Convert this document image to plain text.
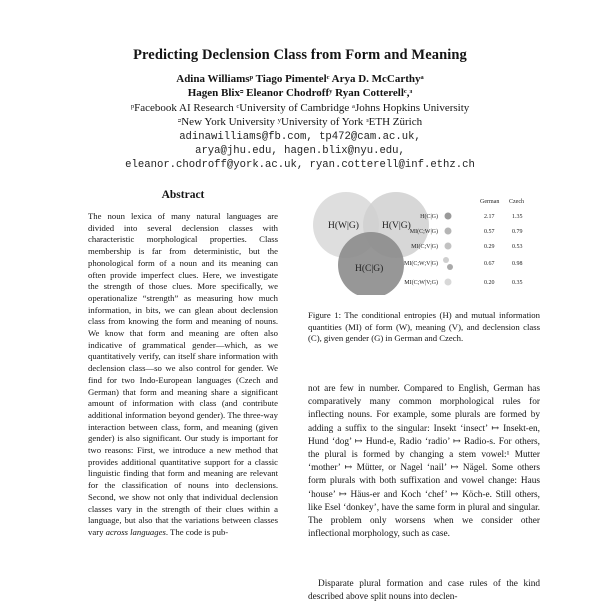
Predicting Declension Class from Form and Meaning
Adina Williamsᵖ Tiago Pimentelᶜ Arya D. McCarthyᵃ
Hagen Blixᵙ Eleanor Chodroffʸ Ryan Cotterellᶜ,ᶟ
ᵖFacebook AI Research ᶜUniversity of Cambridge ᵃJohns Hopkins University
ᵙNew York University ʸUniversity of York ᶟETH Zürich
adinawilliams@fb.com, tp472@cam.ac.uk,
arya@jhu.edu, hagen.blix@nyu.edu,
eleanor.chodroff@york.ac.uk, ryan.cotterell@inf.ethz.ch
Abstract

The noun lexica of many natural languages are divided into several declension classes with characteristic morphological properties. Class membership is far from deterministic, but the phonological form of a noun and its meaning can often provide imperfect clues. Here, we investigate the strength of those clues. More specifically, we operationalize “strength” as measuring how much information, in bits, we can glean about declension class from knowing the form and meaning of nouns. We know that form and meaning are often also indicative of grammatical gender—which, as we quantitatively verify, can itself share information with declension class—so we also control for gender. We find for two Indo-European languages (Czech and German) that form and meaning share a significant amount of information with class (and contribute additional information beyond gender). The three-way interaction between class, form, and meaning (given gender) is also significant. Our study is important for two reasons: First, we introduce a new method that provides additional quantitative support for a classic linguistic finding that form and meaning are relevant for the classification of nouns into declensions. Second, we show not only that individual declension classes vary in the strength of their clues within a language, but also that the variations between classes vary across languages. The code is pub-

H(W|G) H(V|G)
H(C|G)
German Czech
H(C|G)	2.17	1.35
MI(C;W|G)	0.57	0.79
MI(C;V|G)	0.29	0.53
MI(C;W;V|G)	0.67	0.98
MI(C;W|V;G)	0.20	0.35

Figure 1: The conditional entropies (H) and mutual information quantities (MI) of form (W), meaning (V), and declension class (C), given gender (G) in German and Czech.

not are few in number. Compared to English, German has comparatively many common morphological rules for inflecting nouns. For example, some plurals are formed by adding a suffix to the singular: Insekt ‘insect’ ↦ Insekt-en, Hund ‘dog’ ↦ Hund-e, Radio ‘radio’ ↦ Radio-s. For others, the plural is formed by changing a stem vowel:¹ Mutter ‘mother’ ↦ Mütter, or Nagel ‘nail’ ↦ Nägel. Some others form plurals with both suffixation and vowel change: Haus ‘house’ ↦ Häus-er and Koch ‘chef’ ↦ Köch-e. Still others, like Esel ‘donkey’, have the same form in plural and singular. The problem only worsens when we consider other inflectional morphology, such as case.

Disparate plural formation and case rules of the kind described above split nouns into declen-
